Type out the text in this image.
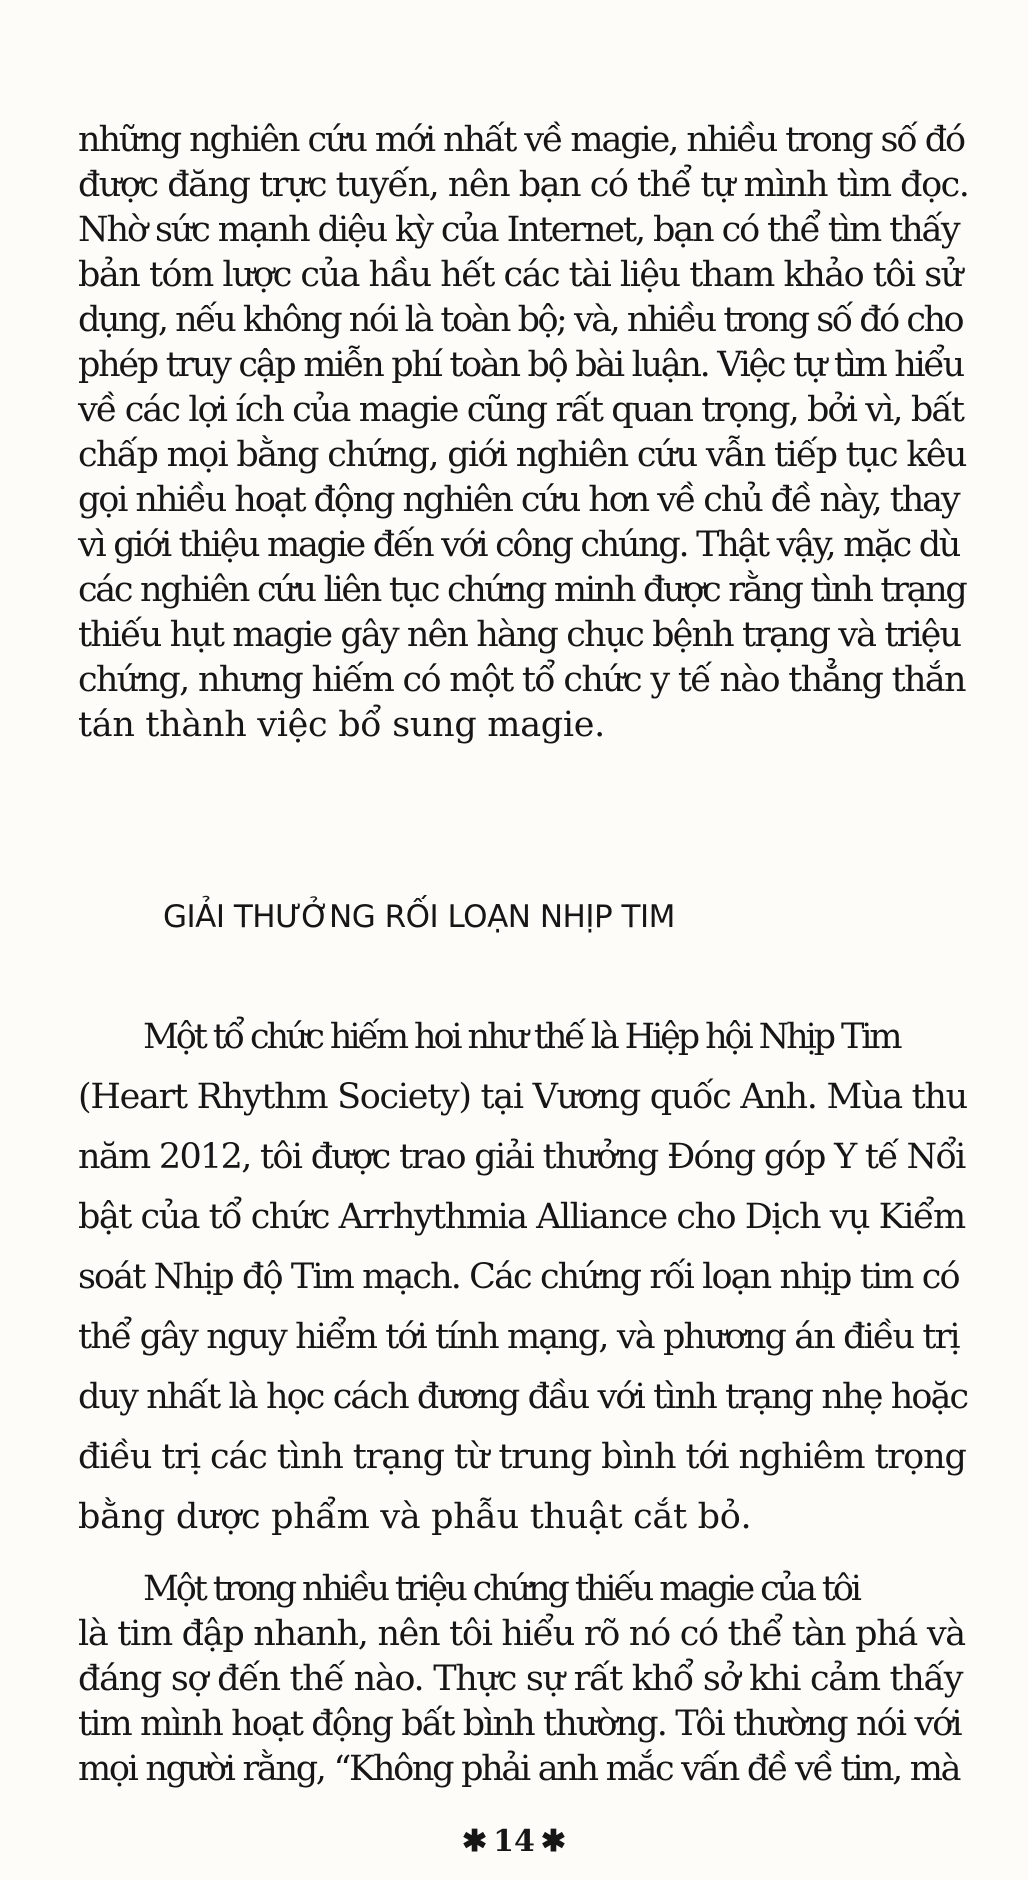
những nghiên cứu mới nhất về magie, nhiều trong số đó
được đăng trực tuyến, nên bạn có thể tự mình tìm đọc.
Nhờ sức mạnh diệu kỳ của Internet, bạn có thể tìm thấy
bản tóm lược của hầu hết các tài liệu tham khảo tôi sử
dụng, nếu không nói là toàn bộ; và, nhiều trong số đó cho
phép truy cập miễn phí toàn bộ bài luận. Việc tự tìm hiểu
về các lợi ích của magie cũng rất quan trọng, bởi vì, bất
chấp mọi bằng chứng, giới nghiên cứu vẫn tiếp tục kêu
gọi nhiều hoạt động nghiên cứu hơn về chủ đề này, thay
vì giới thiệu magie đến với công chúng. Thật vậy, mặc dù
các nghiên cứu liên tục chứng minh được rằng tình trạng
thiếu hụt magie gây nên hàng chục bệnh trạng và triệu
chứng, nhưng hiếm có một tổ chức y tế nào thẳng thắn
tán thành việc bổ sung magie.
GIẢI THƯỞNG RỐI LOẠN NHỊP TIM
Một tổ chức hiếm hoi như thế là Hiệp hội Nhịp Tim
(Heart Rhythm Society) tại Vương quốc Anh. Mùa thu
năm 2012, tôi được trao giải thưởng Đóng góp Y tế Nổi
bật của tổ chức Arrhythmia Alliance cho Dịch vụ Kiểm
soát Nhịp độ Tim mạch. Các chứng rối loạn nhịp tim có
thể gây nguy hiểm tới tính mạng, và phương án điều trị
duy nhất là học cách đương đầu với tình trạng nhẹ hoặc
điều trị các tình trạng từ trung bình tới nghiêm trọng
bằng dược phẩm và phẫu thuật cắt bỏ.
Một trong nhiều triệu chứng thiếu magie của tôi
là tim đập nhanh, nên tôi hiểu rõ nó có thể tàn phá và
đáng sợ đến thế nào. Thực sự rất khổ sở khi cảm thấy
tim mình hoạt động bất bình thường. Tôi thường nói với
mọi người rằng, “Không phải anh mắc vấn đề về tim, mà
✱ 14 ✱
